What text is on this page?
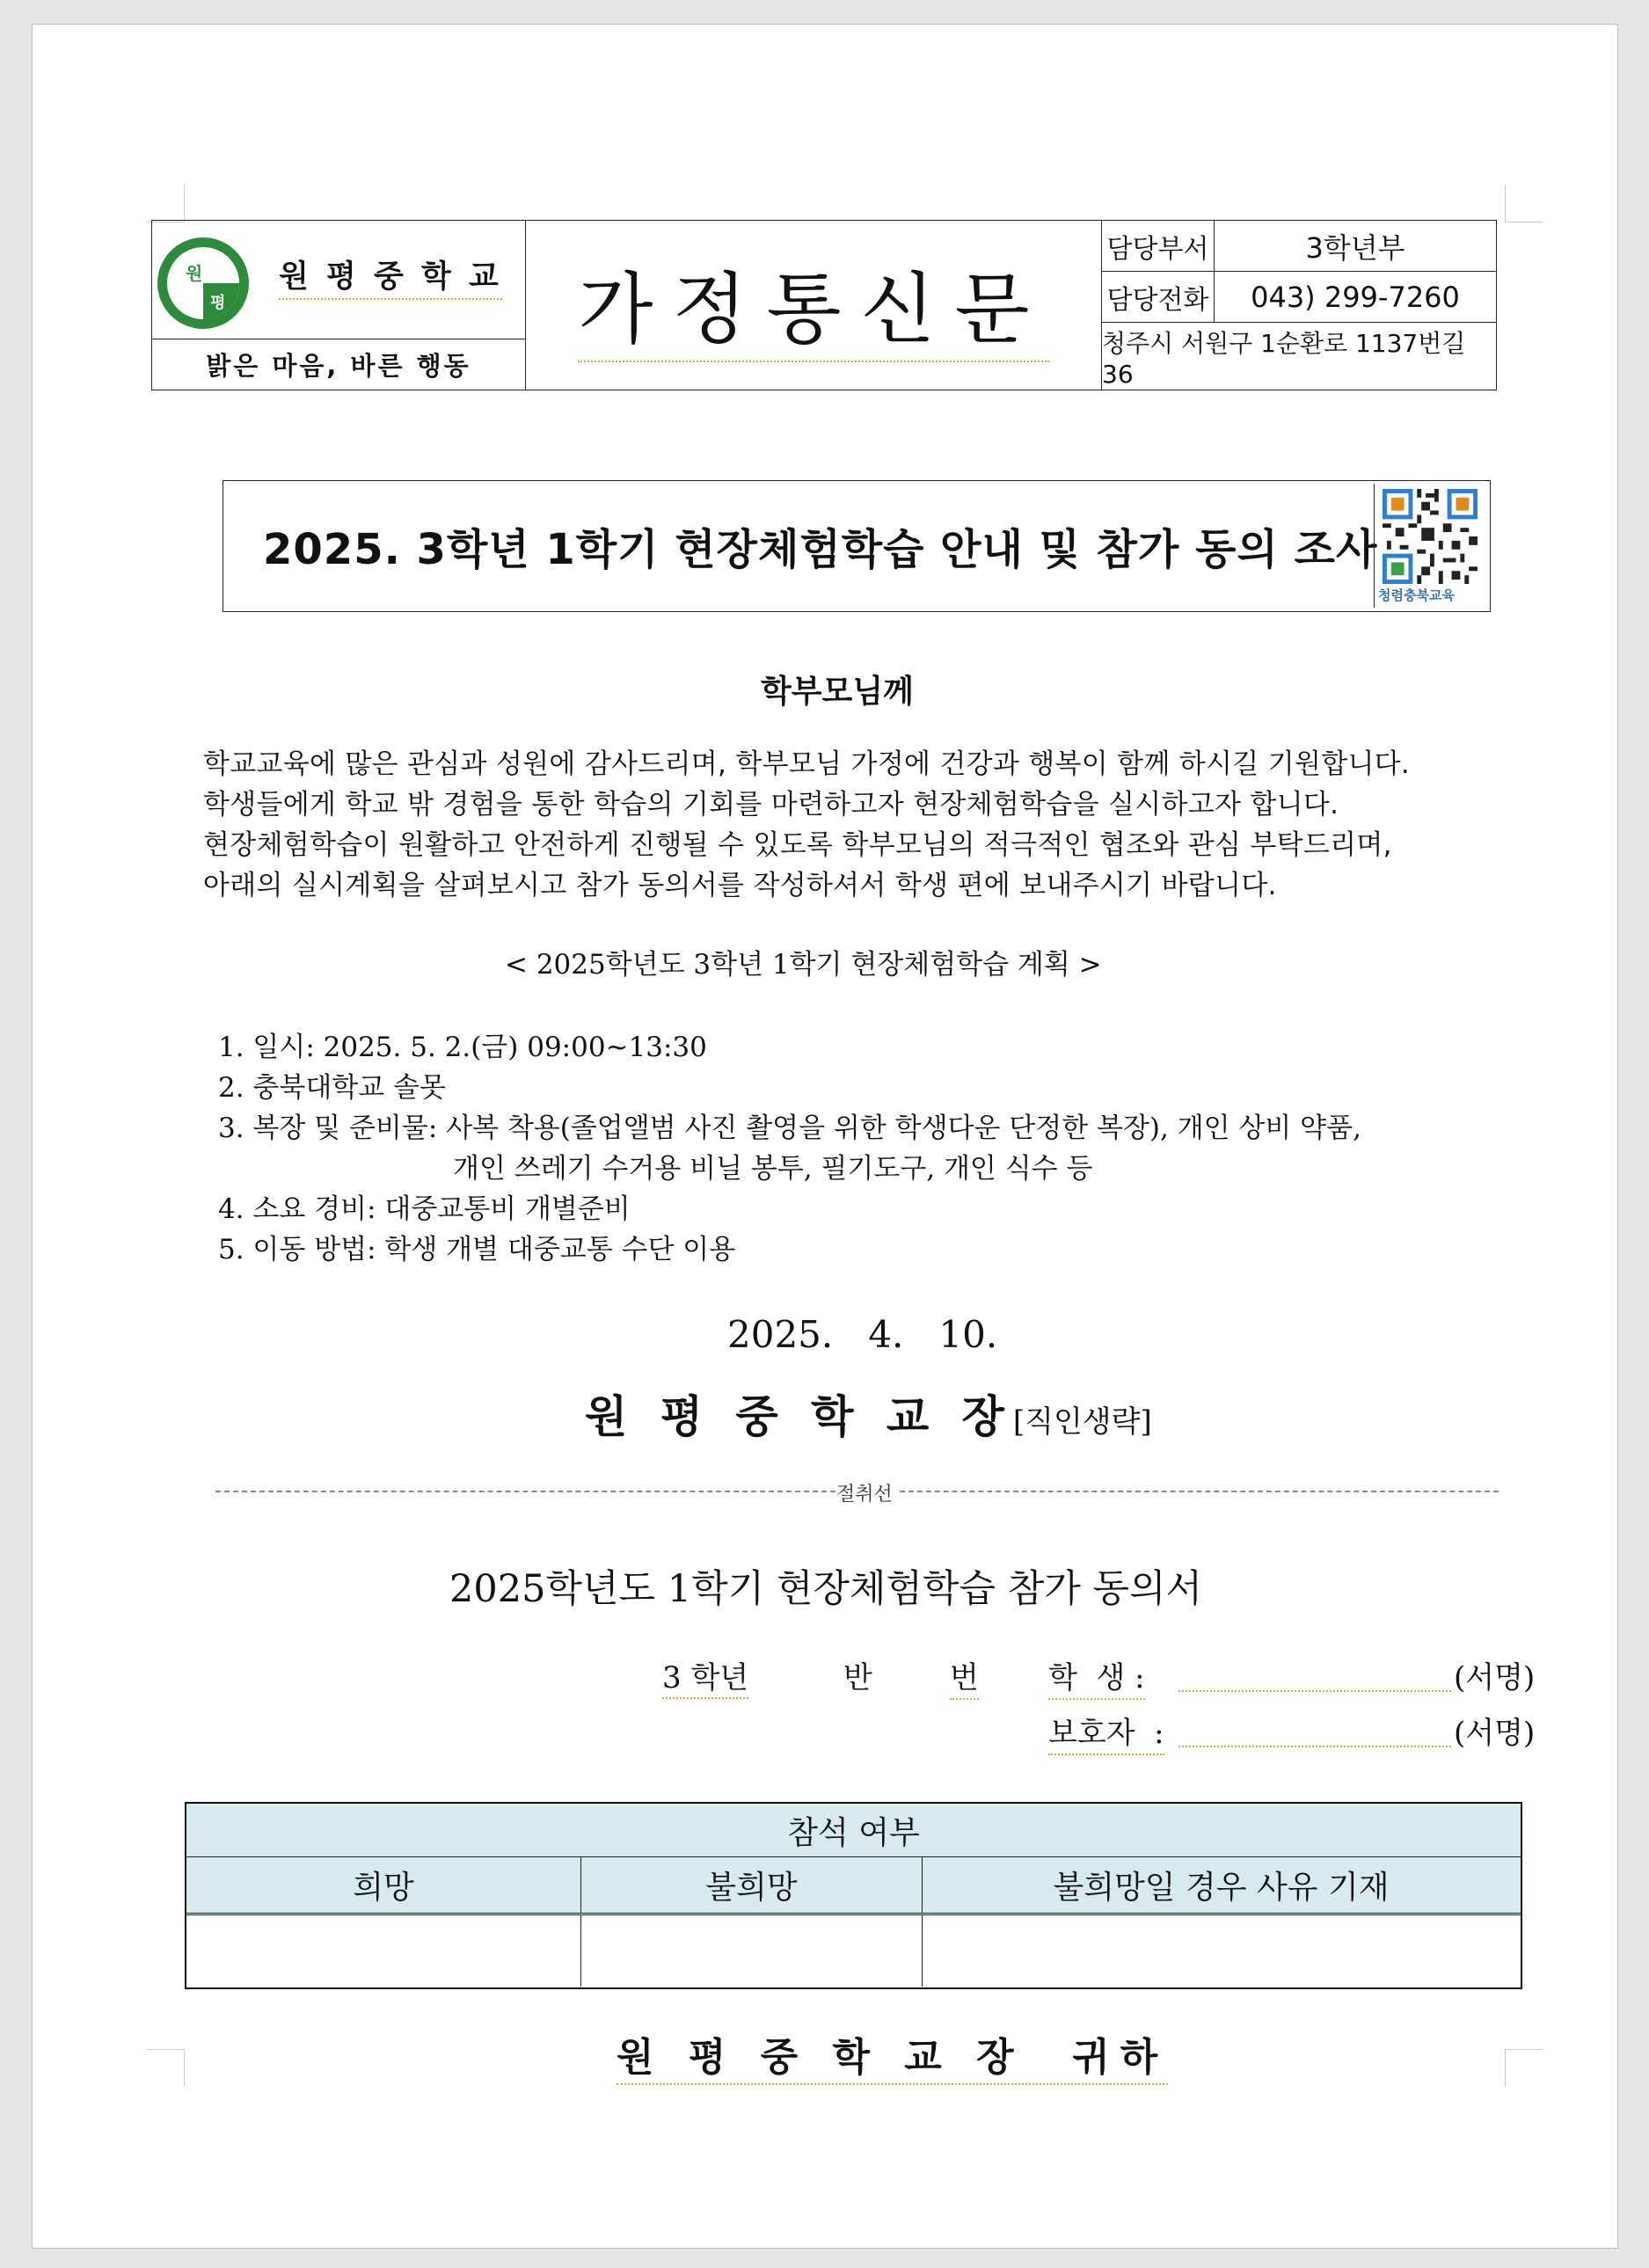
원
평
원 평 중 학 교
밝은 마음, 바른 행동
가정통신문
담당부서	3학년부
담당전화	043) 299-7260
청주시 서원구 1순환로 1137번길 36
2025. 3학년 1학기 현장체험학습 안내 및 참가 동의 조사
청렴충북교육
학부모님께
학교교육에 많은 관심과 성원에 감사드리며, 학부모님 가정에 건강과 행복이 함께 하시길 기원합니다.
학생들에게 학교 밖 경험을 통한 학습의 기회를 마련하고자 현장체험학습을 실시하고자 합니다.
현장체험학습이 원활하고 안전하게 진행될 수 있도록 학부모님의 적극적인 협조와 관심 부탁드리며,
아래의 실시계획을 살펴보시고 참가 동의서를 작성하셔서 학생 편에 보내주시기 바랍니다.
< 2025학년도 3학년 1학기 현장체험학습 계획 >
1. 일시: 2025. 5. 2.(금) 09:00~13:30
2. 충북대학교 솔못
3. 복장 및 준비물: 사복 착용(졸업앨범 사진 촬영을 위한 학생다운 단정한 복장), 개인 상비 약품,
개인 쓰레기 수거용 비닐 봉투, 필기도구, 개인 식수 등
4. 소요 경비: 대중교통비 개별준비
5. 이동 방법: 학생 개별 대중교통 수단 이용
2025.   4.   10.
원 평 중 학 교 장[직인생략]
절취선
2025학년도 1학기 현장체험학습 참가 동의서
3 학년	반	번 학  생 :	(서명)
보호자  :	(서명)
참석 여부
희망	불희망	불희망일 경우 사유 기재
원 평 중 학 교 장  귀하
